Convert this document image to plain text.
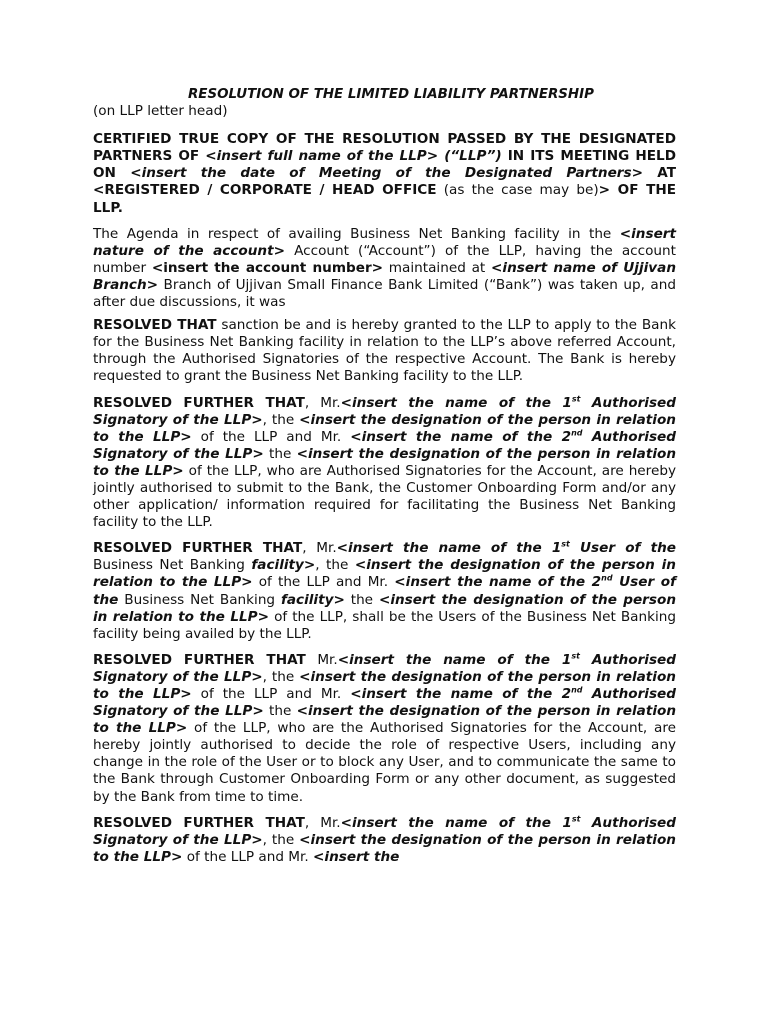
RESOLUTION OF THE LIMITED LIABILITY PARTNERSHIP
(on LLP letter head)

CERTIFIED TRUE COPY OF THE RESOLUTION PASSED BY THE DESIGNATED PARTNERS OF <insert full name of the LLP> (“LLP”) IN ITS MEETING HELD ON <insert the date of Meeting of the Designated Partners> AT <REGISTERED / CORPORATE / HEAD OFFICE (as the case may be)> OF THE LLP.

The Agenda in respect of availing Business Net Banking facility in the <insert nature of the account> Account (“Account”) of the LLP, having the account number <insert the account number> maintained at <insert name of Ujjivan Branch> Branch of Ujjivan Small Finance Bank Limited (“Bank”) was taken up, and after due discussions, it was

RESOLVED THAT sanction be and is hereby granted to the LLP to apply to the Bank for the Business Net Banking facility in relation to the LLP’s above referred Account, through the Authorised Signatories of the respective Account. The Bank is hereby requested to grant the Business Net Banking facility to the LLP.

RESOLVED FURTHER THAT, Mr.<insert the name of the 1st Authorised Signatory of the LLP>, the <insert the designation of the person in relation to the LLP> of the LLP and Mr. <insert the name of the 2nd Authorised Signatory of the LLP> the <insert the designation of the person in relation to the LLP> of the LLP, who are Authorised Signatories for the Account, are hereby jointly authorised to submit to the Bank, the Customer Onboarding Form and/or any other application/ information required for facilitating the Business Net Banking facility to the LLP.

RESOLVED FURTHER THAT, Mr.<insert the name of the 1st User of the Business Net Banking facility>, the <insert the designation of the person in relation to the LLP> of the LLP and Mr. <insert the name of the 2nd User of the Business Net Banking facility> the <insert the designation of the person in relation to the LLP> of the LLP, shall be the Users of the Business Net Banking facility being availed by the LLP.

RESOLVED FURTHER THAT Mr.<insert the name of the 1st Authorised Signatory of the LLP>, the <insert the designation of the person in relation to the LLP> of the LLP and Mr. <insert the name of the 2nd Authorised Signatory of the LLP> the <insert the designation of the person in relation to the LLP> of the LLP, who are the Authorised Signatories for the Account, are hereby jointly authorised to decide the role of respective Users, including any change in the role of the User or to block any User, and to communicate the same to the Bank through Customer Onboarding Form or any other document, as suggested by the Bank from time to time.

RESOLVED FURTHER THAT, Mr.<insert the name of the 1st Authorised Signatory of the LLP>, the <insert the designation of the person in relation to the LLP> of the LLP and Mr. <insert the
